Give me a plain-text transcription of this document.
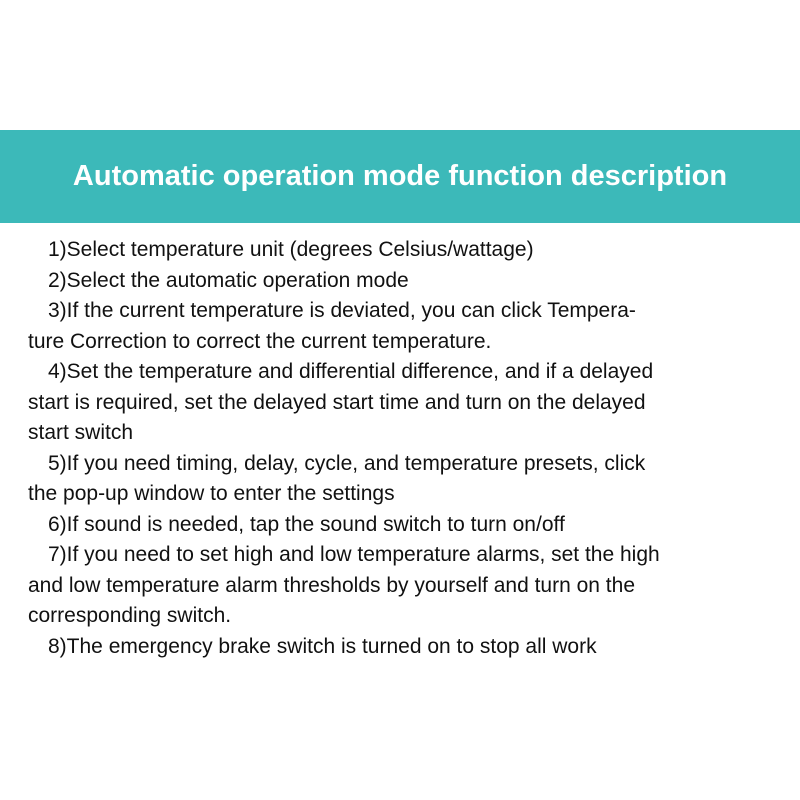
Automatic operation mode function description
1)Select temperature unit (degrees Celsius/wattage)
2)Select the automatic operation mode
3)If the current temperature is deviated, you can click Tempera-
ture Correction to correct the current temperature.
4)Set the temperature and differential difference, and if a delayed
start is required, set the delayed start time and turn on the delayed
start switch
5)If you need timing, delay, cycle, and temperature presets, click
the pop-up window to enter the settings
6)If sound is needed, tap the sound switch to turn on/off
7)If you need to set high and low temperature alarms, set the high
and low temperature alarm thresholds by yourself and turn on the
corresponding switch.
8)The emergency brake switch is turned on to stop all work
